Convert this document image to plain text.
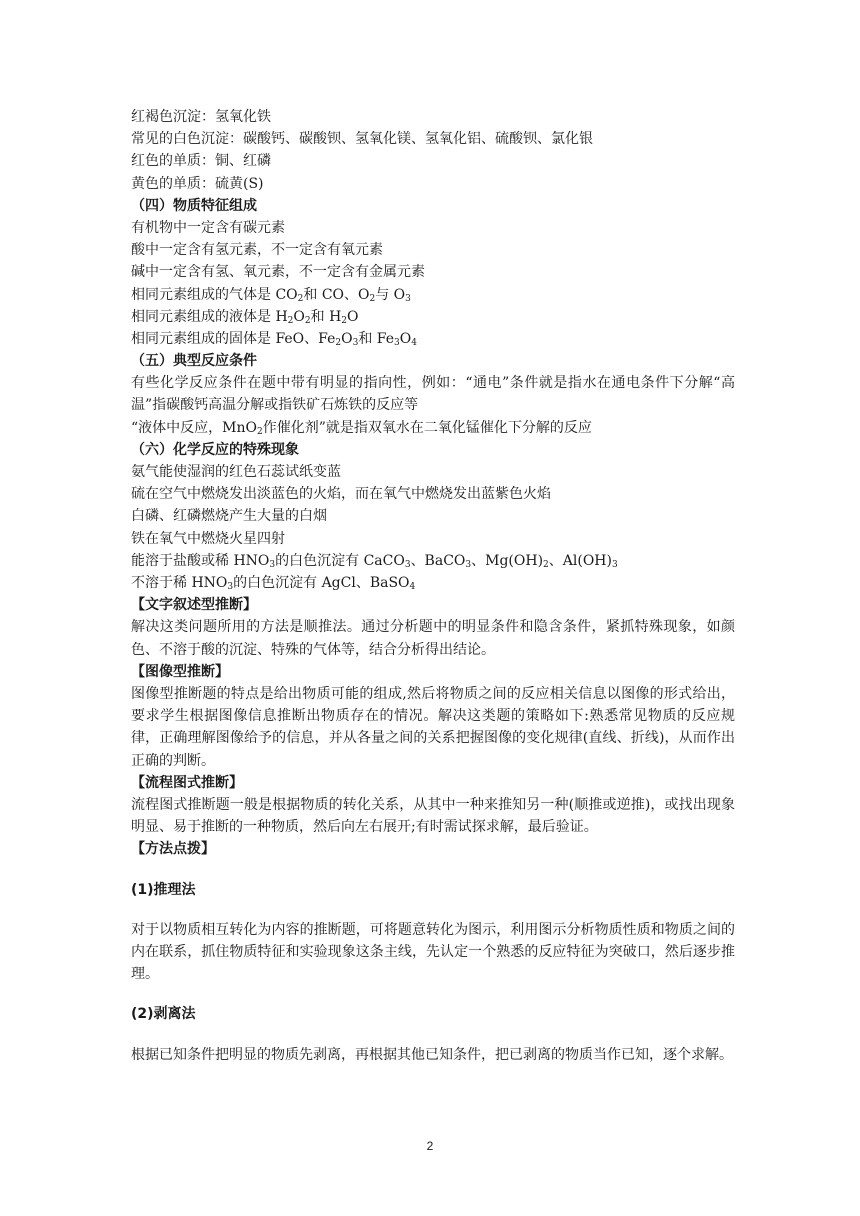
红褐色沉淀：氢氧化铁
常见的白色沉淀：碳酸钙、碳酸钡、氢氧化镁、氢氧化铝、硫酸钡、氯化银
红色的单质：铜、红磷
黄色的单质：硫黄(S)
（四）物质特征组成
有机物中一定含有碳元素
酸中一定含有氢元素，不一定含有氧元素
碱中一定含有氢、氧元素，不一定含有金属元素
相同元素组成的气体是 $CO_2$和 CO、$O_2$与 $O_3$
相同元素组成的液体是 $H_2O_2$和 $H_2O$
相同元素组成的固体是 FeO、$Fe_2O_3$和 $Fe_3O_4$
（五）典型反应条件
有些化学反应条件在题中带有明显的指向性，例如：“通电”条件就是指水在通电条件下分解“高温”指碳酸钙高温分解或指铁矿石炼铁的反应等
“液体中反应，MnO$_2$作催化剂”就是指双氧水在二氧化锰催化下分解的反应
（六）化学反应的特殊现象
氨气能使湿润的红色石蕊试纸变蓝
硫在空气中燃烧发出淡蓝色的火焰，而在氧气中燃烧发出蓝紫色火焰
白磷、红磷燃烧产生大量的白烟
铁在氧气中燃烧火星四射
能溶于盐酸或稀 $HNO_3$的白色沉淀有 CaCO$_3$、BaCO$_3$、$Mg(OH)_2$、$Al(OH)_3$
不溶于稀 $HNO_3$的白色沉淀有 AgCl、BaSO$_4$
【文字叙述型推断】
解决这类问题所用的方法是顺推法。通过分析题中的明显条件和隐含条件，紧抓特殊现象，如颜色、不溶于酸的沉淀、特殊的气体等，结合分析得出结论。
【图像型推断】
图像型推断题的特点是给出物质可能的组成,然后将物质之间的反应相关信息以图像的形式给出，要求学生根据图像信息推断出物质存在的情况。解决这类题的策略如下:熟悉常见物质的反应规律，正确理解图像给予的信息，并从各量之间的关系把握图像的变化规律(直线、折线)，从而作出正确的判断。
【流程图式推断】
流程图式推断题一般是根据物质的转化关系，从其中一种来推知另一种(顺推或逆推)，或找出现象明显、易于推断的一种物质，然后向左右展开;有时需试探求解，最后验证。
【方法点拨】
(1)推理法
对于以物质相互转化为内容的推断题，可将题意转化为图示，利用图示分析物质性质和物质之间的内在联系，抓住物质特征和实验现象这条主线，先认定一个熟悉的反应特征为突破口，然后逐步推理。
(2)剥离法
根据已知条件把明显的物质先剥离，再根据其他已知条件，把已剥离的物质当作已知，逐个求解。
2
